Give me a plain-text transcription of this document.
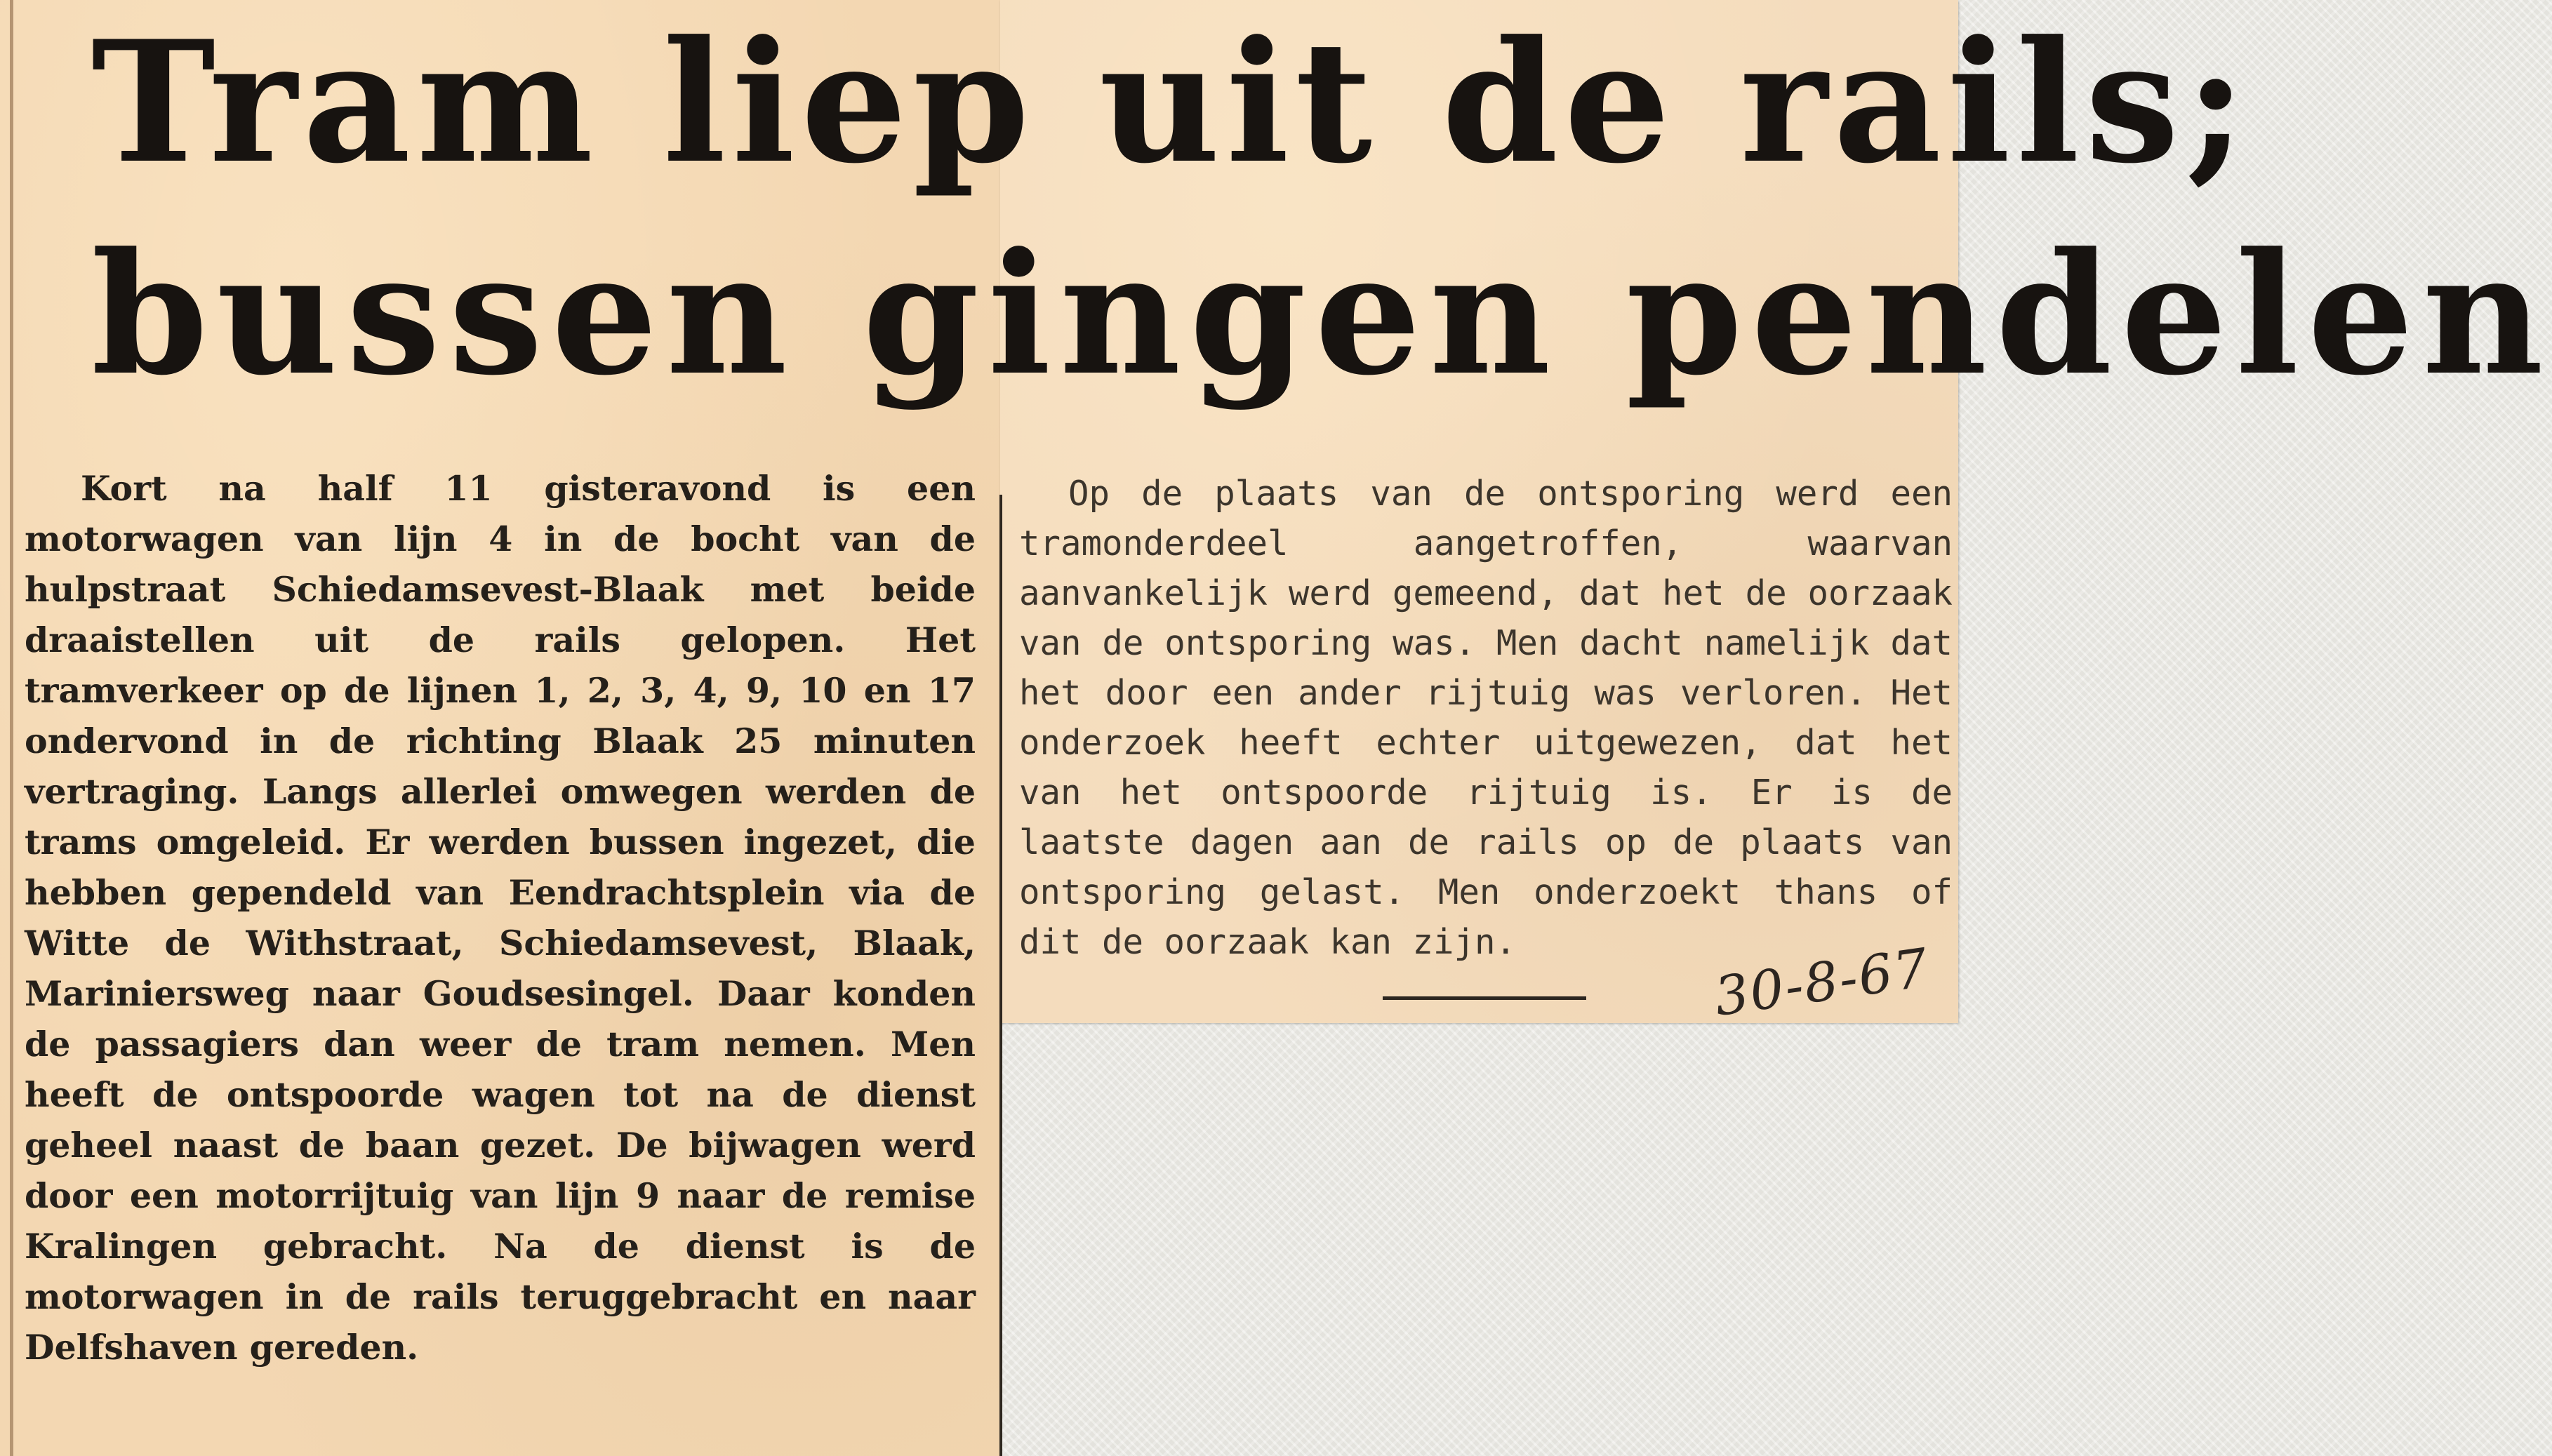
Tram liep uit de rails;
bussen gingen pendelen

Kort na half 11 gisteravond is een motorwagen van lijn 4 in de bocht van de hulpstraat Schiedamsevest-Blaak met beide draaistellen uit de rails gelopen. Het tramverkeer op de lijnen 1, 2, 3, 4, 9, 10 en 17 ondervond in de richting Blaak 25 minuten vertraging. Langs allerlei omwegen werden de trams omgeleid. Er werden bussen ingezet, die hebben gependeld van Eendrachtsplein via de Witte de Withstraat, Schiedamsevest, Blaak, Mariniersweg naar Goudsesingel. Daar konden de passagiers dan weer de tram nemen. Men heeft de ontspoorde wagen tot na de dienst geheel naast de baan gezet. De bijwagen werd door een motorrijtuig van lijn 9 naar de remise Kralingen gebracht. Na de dienst is de motorwagen in de rails teruggebracht en naar Delfshaven gereden.

Op de plaats van de ontsporing werd een tramonderdeel aangetroffen, waarvan aanvankelijk werd gemeend, dat het de oorzaak van de ontsporing was. Men dacht namelijk dat het door een ander rijtuig was verloren. Het onderzoek heeft echter uitgewezen, dat het van het ontspoorde rijtuig is. Er is de laatste dagen aan de rails op de plaats van ontsporing gelast. Men onderzoekt thans of dit de oorzaak kan zijn.	30-8-67
